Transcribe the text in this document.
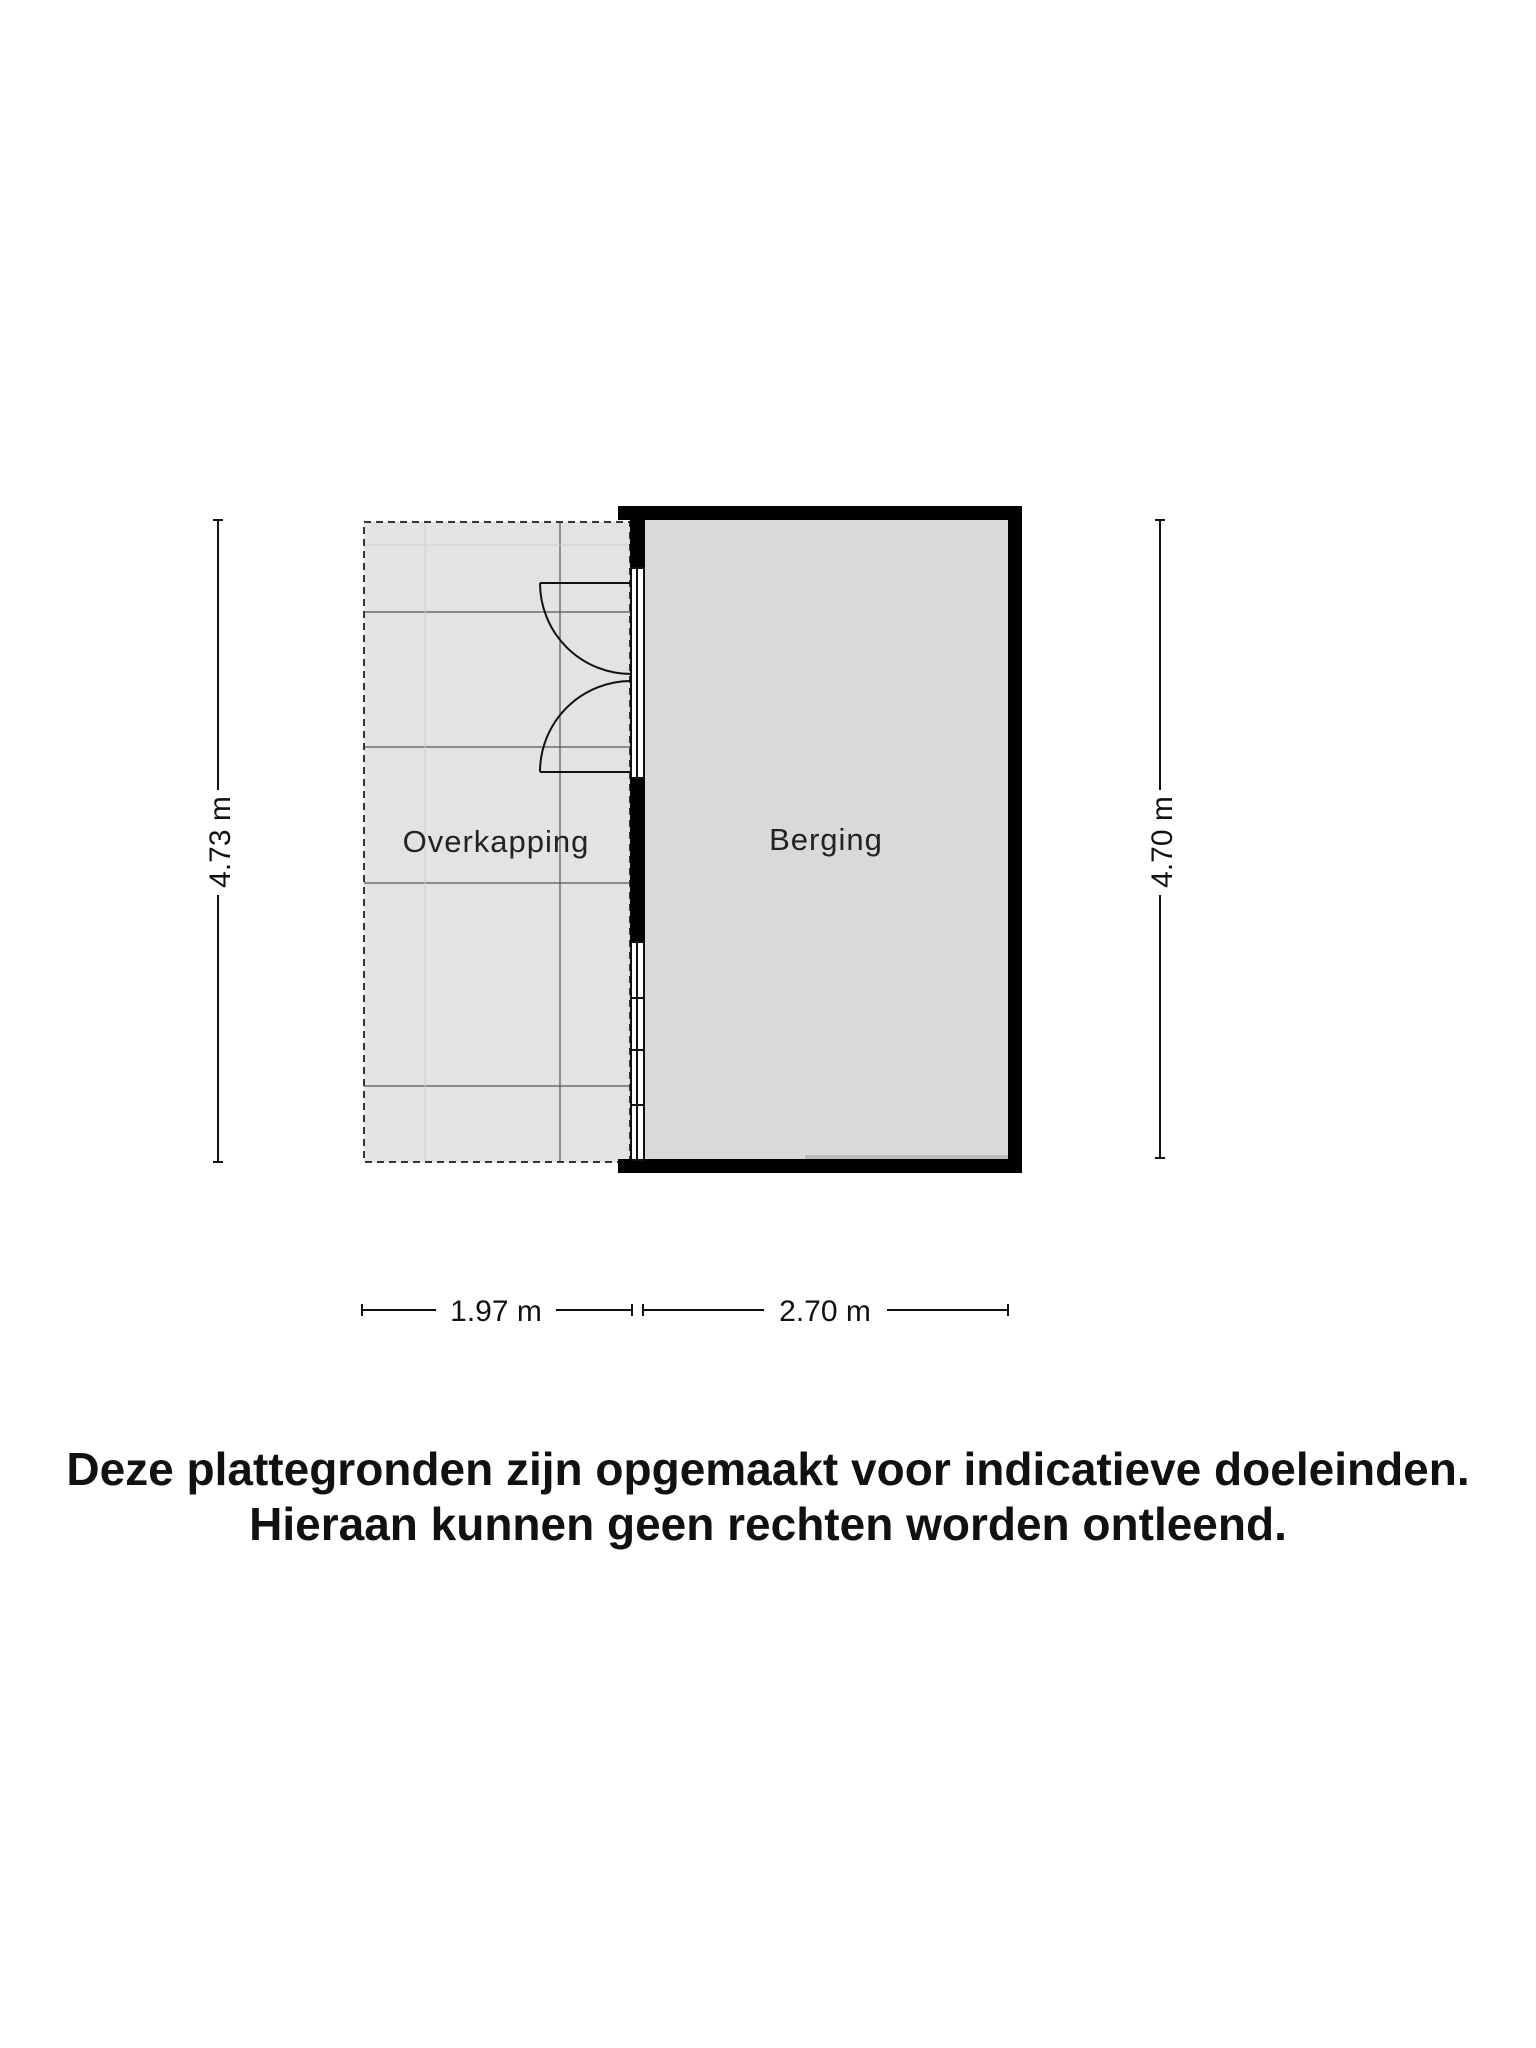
Overkapping	Berging
4.73 m	4.70 m
1.97 m	2.70 m
Deze plattegronden zijn opgemaakt voor indicatieve doeleinden.
Hieraan kunnen geen rechten worden ontleend.
